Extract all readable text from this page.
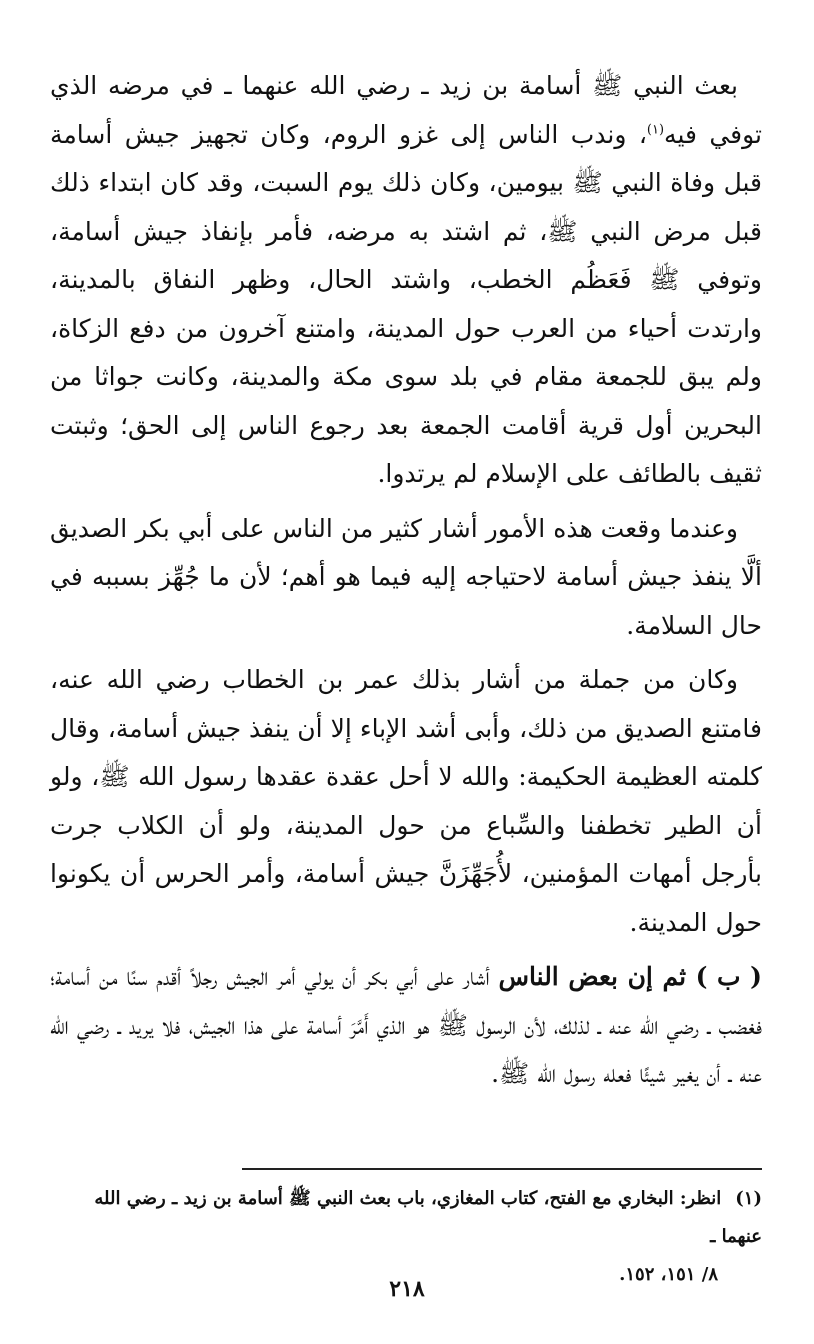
بعث النبي ﷺ أسامة بن زيد ـ رضي الله عنهما ـ في مرضه الذي توفي فيه$^{(١)}$، وندب الناس إلى غزو الروم، وكان تجهيز جيش أسامة قبل وفاة النبي ﷺ بيومين، وكان ذلك يوم السبت، وقد كان ابتداء ذلك قبل مرض النبي ﷺ، ثم اشتد به مرضه، فأمر بإنفاذ جيش أسامة، وتوفي ﷺ فَعَظُم الخطب، واشتد الحال، وظهر النفاق بالمدينة، وارتدت أحياء من العرب حول المدينة، وامتنع آخرون من دفع الزكاة، ولم يبق للجمعة مقام في بلد سوى مكة والمدينة، وكانت جواثا من البحرين أول قرية أقامت الجمعة بعد رجوع الناس إلى الحق؛ وثبتت ثقيف بالطائف على الإسلام لم يرتدوا.

وعندما وقعت هذه الأمور أشار كثير من الناس على أبي بكر الصديق ألَّا ينفذ جيش أسامة لاحتياجه إليه فيما هو أهم؛ لأن ما جُهِّز بسببه في حال السلامة.

وكان من جملة من أشار بذلك عمر بن الخطاب رضي الله عنه، فامتنع الصديق من ذلك، وأبى أشد الإباء إلا أن ينفذ جيش أسامة، وقال كلمته العظيمة الحكيمة: والله لا أحل عقدة عقدها رسول الله ﷺ، ولو أن الطير تخطفنا والسِّباع من حول المدينة، ولو أن الكلاب جرت بأرجل أمهات المؤمنين، لأُجَهِّزَنَّ جيش أسامة، وأمر الحرس أن يكونوا حول المدينة.

( ب ) ثم إن بعض الناس أشار على أبي بكر أن يولي أمر الجيش رجلاً أقدم سنًا من أسامة؛ فغضب ـ رضي الله عنه ـ لذلك، لأن الرسول ﷺ هو الذي أَمَّرَ أسامة على هذا الجيش، فلا يريد ـ رضي الله عنه ـ أن يغير شيئًا فعله رسول الله ﷺ.

(١)انظر: البخاري مع الفتح، كتاب المغازي، باب بعث النبي ﷺ أسامة بن زيد ـ رضي الله عنهما ـ
٨/ ١٥١، ١٥٢.
٢١٨
